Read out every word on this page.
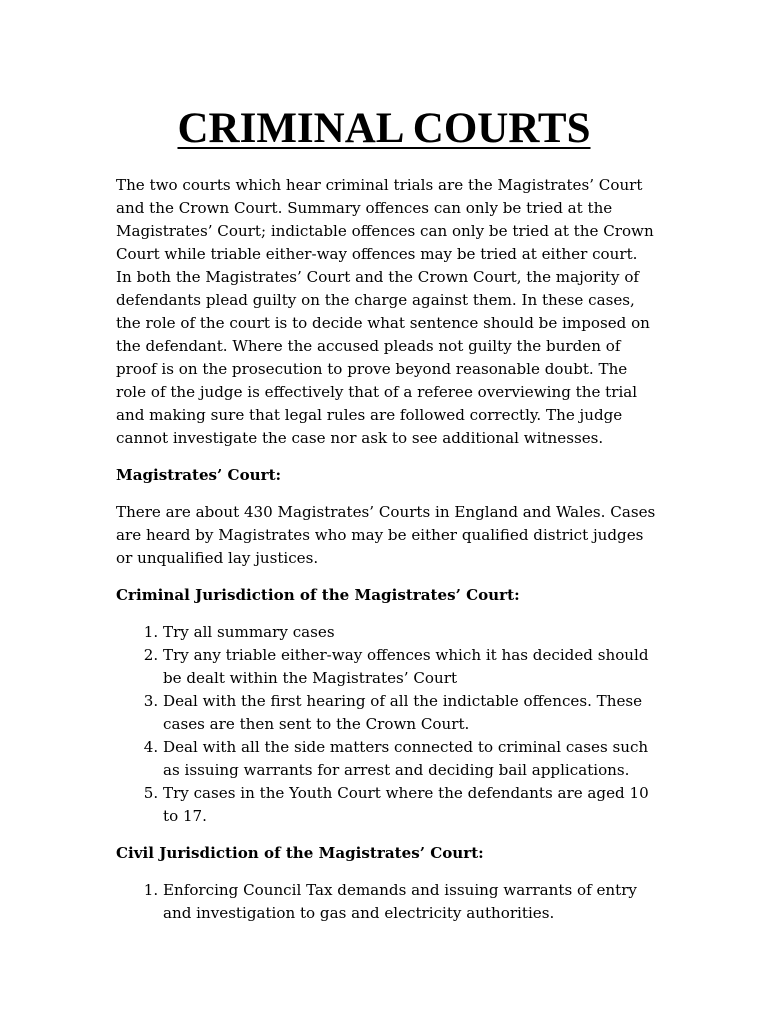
CRIMINAL COURTS

The two courts which hear criminal trials are the Magistrates’ Court and the Crown Court. Summary offences can only be tried at the Magistrates’ Court; indictable offences can only be tried at the Crown Court while triable either-way offences may be tried at either court. In both the Magistrates’ Court and the Crown Court, the majority of defendants plead guilty on the charge against them. In these cases, the role of the court is to decide what sentence should be imposed on the defendant. Where the accused pleads not guilty the burden of proof is on the prosecution to prove beyond reasonable doubt. The role of the judge is effectively that of a referee overviewing the trial and making sure that legal rules are followed correctly. The judge cannot investigate the case nor ask to see additional witnesses.

Magistrates’ Court:

There are about 430 Magistrates’ Courts in England and Wales. Cases are heard by Magistrates who may be either qualified district judges or unqualified lay justices.

Criminal Jurisdiction of the Magistrates’ Court:

1. Try all summary cases
2. Try any triable either-way offences which it has decided should be dealt within the Magistrates’ Court
3. Deal with the first hearing of all the indictable offences. These cases are then sent to the Crown Court.
4. Deal with all the side matters connected to criminal cases such as issuing warrants for arrest and deciding bail applications.
5. Try cases in the Youth Court where the defendants are aged 10 to 17.

Civil Jurisdiction of the Magistrates’ Court:

1. Enforcing Council Tax demands and issuing warrants of entry and investigation to gas and electricity authorities.
